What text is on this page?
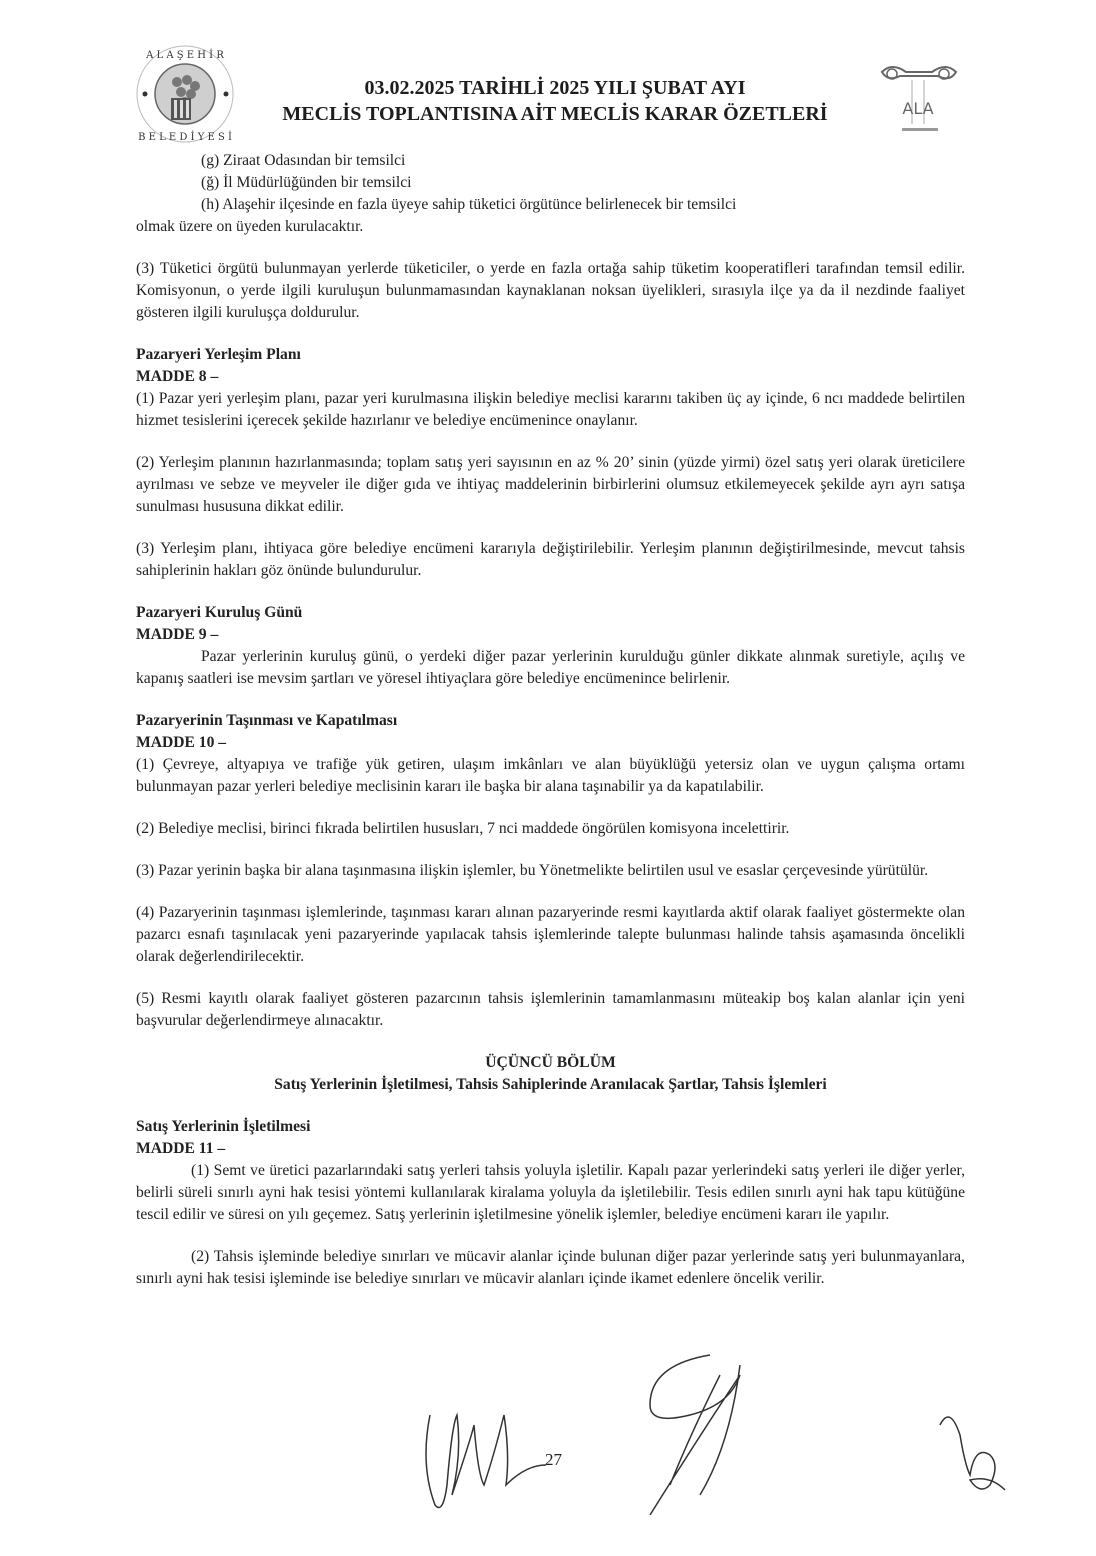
A L A Ş E H İ R
B E L E D İ Y E S İ
03.02.2025 TARİHLİ 2025 YILI ŞUBAT AYI
MECLİS TOPLANTISINA AİT MECLİS KARAR ÖZETLERİ	ALA

(g) Ziraat Odasından bir temsilci

(ğ) İl Müdürlüğünden bir temsilci

(h) Alaşehir ilçesinde en fazla üyeye sahip tüketici örgütünce belirlenecek bir temsilci

olmak üzere on üyeden kurulacaktır.

(3) Tüketici örgütü bulunmayan yerlerde tüketiciler, o yerde en fazla ortağa sahip tüketim kooperatifleri tarafından temsil edilir. Komisyonun, o yerde ilgili kuruluşun bulunmamasından kaynaklanan noksan üyelikleri, sırasıyla ilçe ya da il nezdinde faaliyet gösteren ilgili kuruluşça doldurulur.

Pazaryeri Yerleşim Planı

MADDE 8 –

(1) Pazar yeri yerleşim planı, pazar yeri kurulmasına ilişkin belediye meclisi kararını takiben üç ay içinde, 6 ncı maddede belirtilen hizmet tesislerini içerecek şekilde hazırlanır ve belediye encümenince onaylanır.

(2) Yerleşim planının hazırlanmasında; toplam satış yeri sayısının en az % 20’ sinin (yüzde yirmi) özel satış yeri olarak üreticilere ayrılması ve sebze ve meyveler ile diğer gıda ve ihtiyaç maddelerinin birbirlerini olumsuz etkilemeyecek şekilde ayrı ayrı satışa sunulması hususuna dikkat edilir.

(3) Yerleşim planı, ihtiyaca göre belediye encümeni kararıyla değiştirilebilir. Yerleşim planının değiştirilmesinde, mevcut tahsis sahiplerinin hakları göz önünde bulundurulur.

Pazaryeri Kuruluş Günü

MADDE 9 –

Pazar yerlerinin kuruluş günü, o yerdeki diğer pazar yerlerinin kurulduğu günler dikkate alınmak suretiyle, açılış ve kapanış saatleri ise mevsim şartları ve yöresel ihtiyaçlara göre belediye encümenince belirlenir.

Pazaryerinin Taşınması ve Kapatılması

MADDE 10 –

(1) Çevreye, altyapıya ve trafiğe yük getiren, ulaşım imkânları ve alan büyüklüğü yetersiz olan ve uygun çalışma ortamı bulunmayan pazar yerleri belediye meclisinin kararı ile başka bir alana taşınabilir ya da kapatılabilir.

(2) Belediye meclisi, birinci fıkrada belirtilen hususları, 7 nci maddede öngörülen komisyona incelettirir.

(3) Pazar yerinin başka bir alana taşınmasına ilişkin işlemler, bu Yönetmelikte belirtilen usul ve esaslar çerçevesinde yürütülür.

(4) Pazaryerinin taşınması işlemlerinde, taşınması kararı alınan pazaryerinde resmi kayıtlarda aktif olarak faaliyet göstermekte olan pazarcı esnafı taşınılacak yeni pazaryerinde yapılacak tahsis işlemlerinde talepte bulunması halinde tahsis aşamasında öncelikli olarak değerlendirilecektir.

(5) Resmi kayıtlı olarak faaliyet gösteren pazarcının tahsis işlemlerinin tamamlanmasını müteakip boş kalan alanlar için yeni başvurular değerlendirmeye alınacaktır.

ÜÇÜNCÜ BÖLÜM

Satış Yerlerinin İşletilmesi, Tahsis Sahiplerinde Aranılacak Şartlar, Tahsis İşlemleri

Satış Yerlerinin İşletilmesi

MADDE 11 –

(1) Semt ve üretici pazarlarındaki satış yerleri tahsis yoluyla işletilir. Kapalı pazar yerlerindeki satış yerleri ile diğer yerler, belirli süreli sınırlı ayni hak tesisi yöntemi kullanılarak kiralama yoluyla da işletilebilir. Tesis edilen sınırlı ayni hak tapu kütüğüne tescil edilir ve süresi on yılı geçemez. Satış yerlerinin işletilmesine yönelik işlemler, belediye encümeni kararı ile yapılır.

(2) Tahsis işleminde belediye sınırları ve mücavir alanlar içinde bulunan diğer pazar yerlerinde satış yeri bulunmayanlara, sınırlı ayni hak tesisi işleminde ise belediye sınırları ve mücavir alanları içinde ikamet edenlere öncelik verilir.

27
